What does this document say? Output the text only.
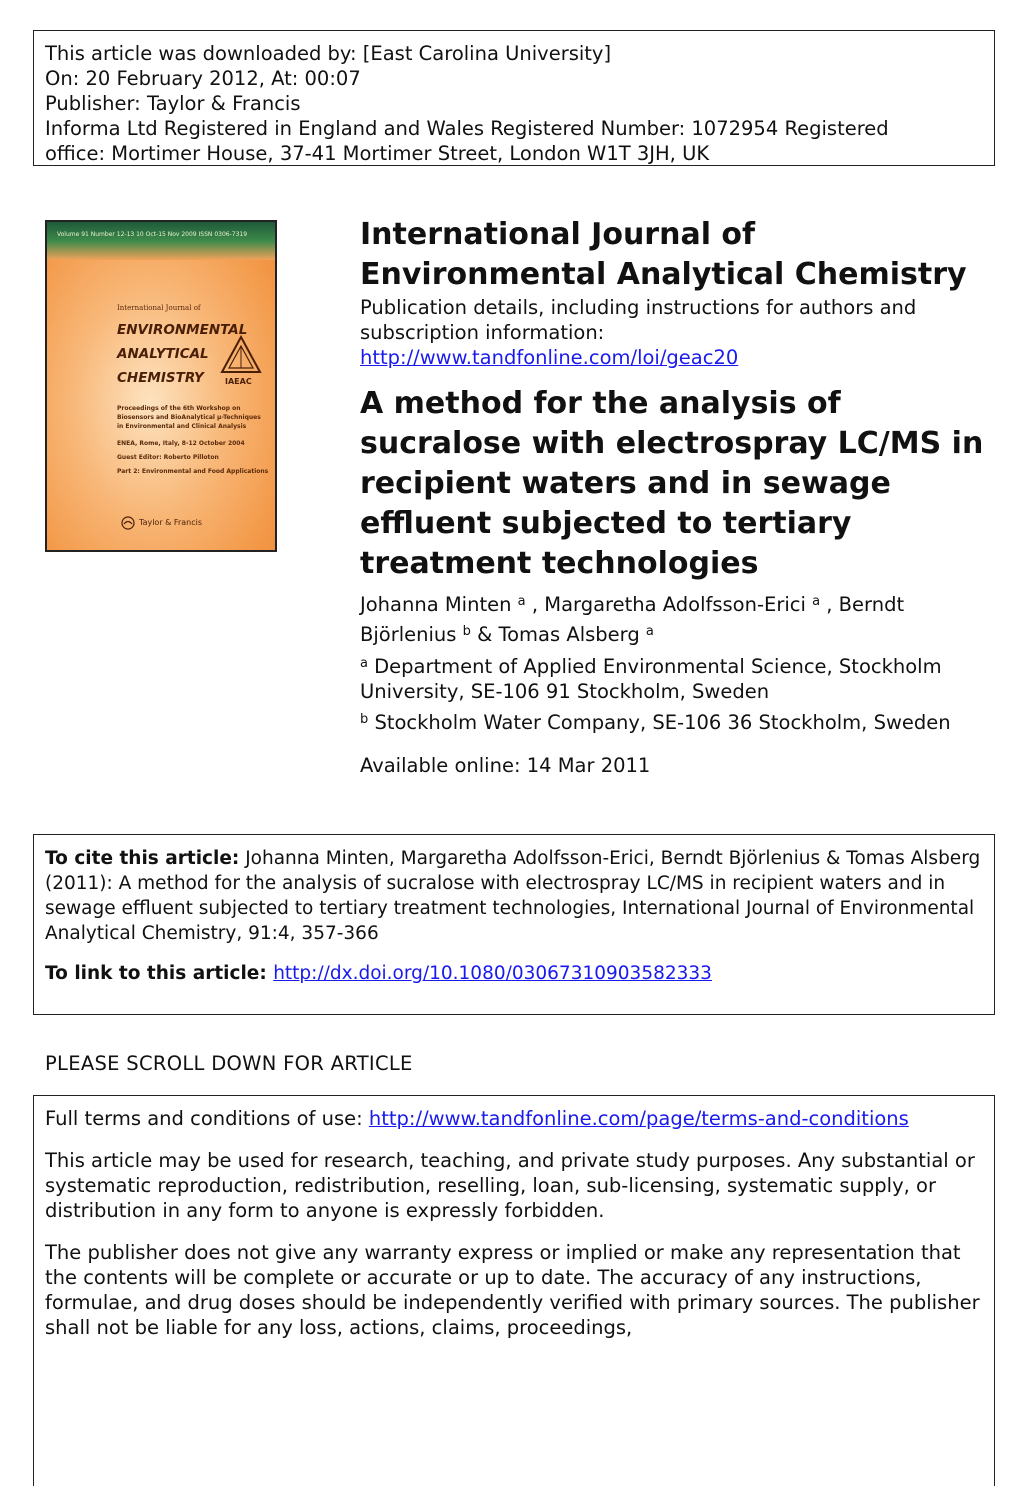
This article was downloaded by: [East Carolina University]
On: 20 February 2012, At: 00:07
Publisher: Taylor & Francis
Informa Ltd Registered in England and Wales Registered Number: 1072954 Registered
office: Mortimer House, 37-41 Mortimer Street, London W1T 3JH, UK
Volume 91 Number 12-13 10 Oct-15 Nov 2009 ISSN 0306-7319
International Journal of
ENVIRONMENTAL
ANALYTICAL
CHEMISTRY	IAEAC
Proceedings of the 6th Workshop on Biosensors and BioAnalytical µ-Techniques in Environmental and Clinical Analysis
ENEA, Rome, Italy, 8-12 October 2004
Guest Editor: Roberto Pilloton
Part 2: Environmental and Food Applications
Taylor & Francis
International Journal of Environmental Analytical Chemistry
Publication details, including instructions for authors and subscription information:
http://www.tandfonline.com/loi/geac20
A method for the analysis of sucralose with electrospray LC/MS in recipient waters and in sewage effluent subjected to tertiary treatment technologies
Johanna Minten $^a$ , Margaretha Adolfsson-Erici $^a$ , Berndt Björlenius $^b$ & Tomas Alsberg $^a$
$^a$ Department of Applied Environmental Science, Stockholm University, SE-106 91 Stockholm, Sweden
$^b$ Stockholm Water Company, SE-106 36 Stockholm, Sweden
Available online: 14 Mar 2011
To cite this article: Johanna Minten, Margaretha Adolfsson-Erici, Berndt Björlenius & Tomas Alsberg (2011): A method for the analysis of sucralose with electrospray LC/MS in recipient waters and in sewage effluent subjected to tertiary treatment technologies, International Journal of Environmental Analytical Chemistry, 91:4, 357-366
To link to this article: http://dx.doi.org/10.1080/03067310903582333
PLEASE SCROLL DOWN FOR ARTICLE

Full terms and conditions of use: http://www.tandfonline.com/page/terms-and-conditions

This article may be used for research, teaching, and private study purposes. Any substantial or systematic reproduction, redistribution, reselling, loan, sub-licensing, systematic supply, or distribution in any form to anyone is expressly forbidden.

The publisher does not give any warranty express or implied or make any representation that the contents will be complete or accurate or up to date. The accuracy of any instructions, formulae, and drug doses should be independently verified with primary sources. The publisher shall not be liable for any loss, actions, claims, proceedings,
